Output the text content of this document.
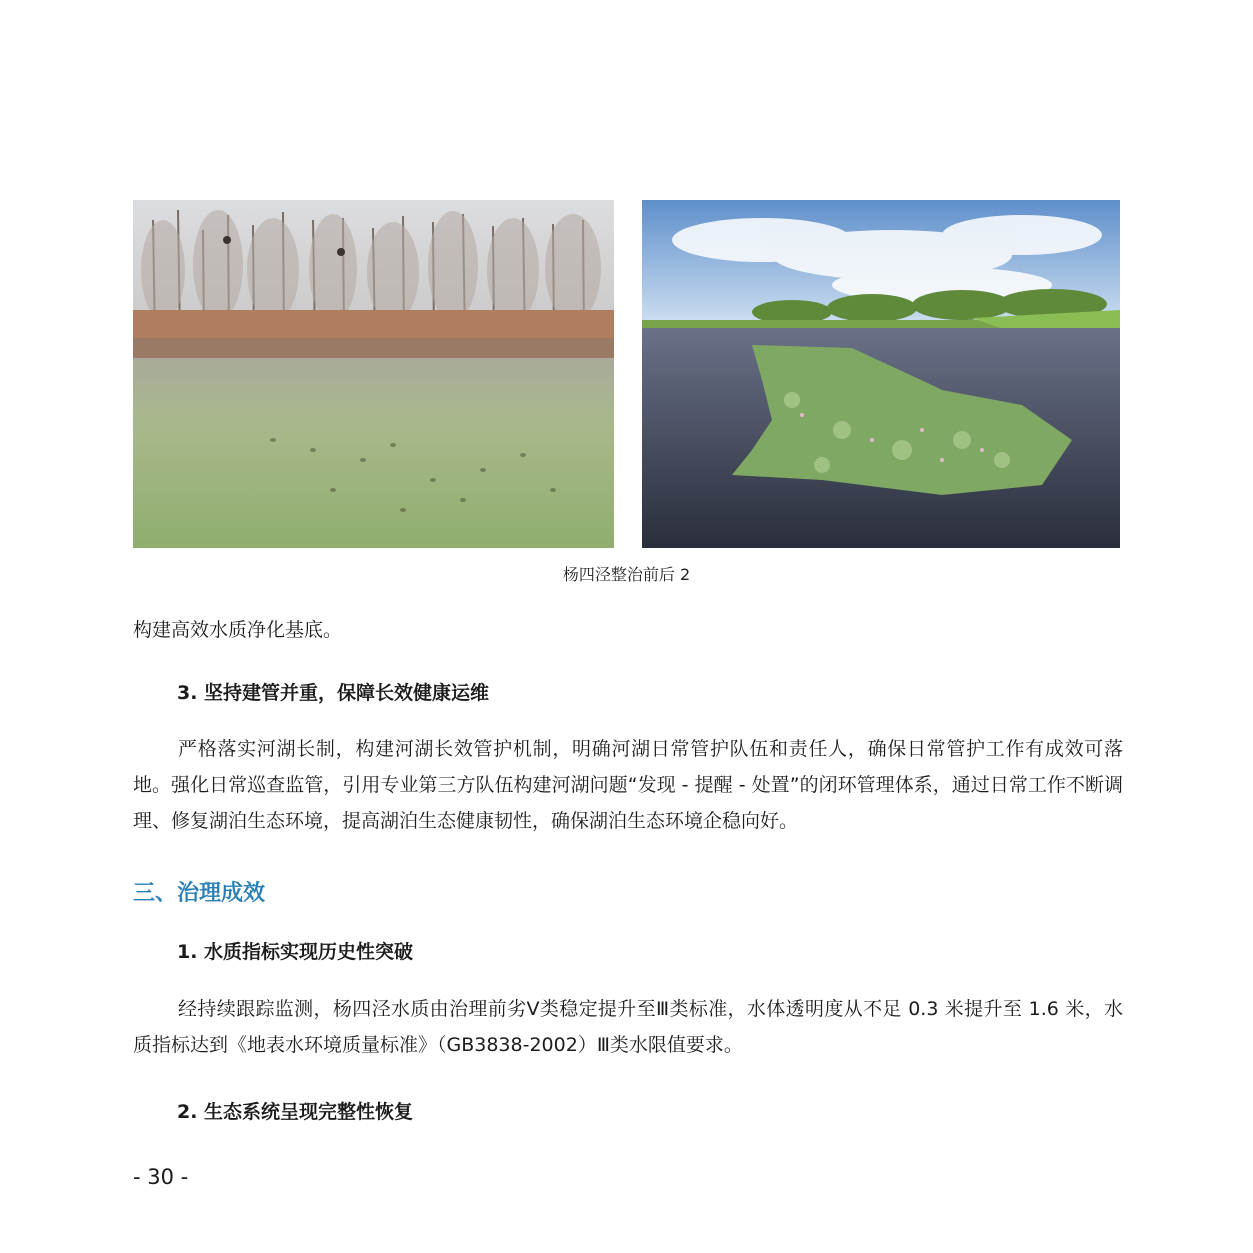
杨四泾整治前后 2
构建高效水质净化基底。
3. 坚持建管并重，保障长效健康运维
严格落实河湖长制，构建河湖长效管护机制，明确河湖日常管护队伍和责任人，确保日常管护工作有成效可落地。强化日常巡查监管，引用专业第三方队伍构建河湖问题“发现 - 提醒 - 处置”的闭环管理体系，通过日常工作不断调理、修复湖泊生态环境，提高湖泊生态健康韧性，确保湖泊生态环境企稳向好。
三、治理成效
1. 水质指标实现历史性突破
经持续跟踪监测，杨四泾水质由治理前劣Ⅴ类稳定提升至Ⅲ类标准，水体透明度从不足 0.3 米提升至 1.6 米，水质指标达到《地表水环境质量标准》（GB3838-2002）Ⅲ类水限值要求。
2. 生态系统呈现完整性恢复
- 30 -
